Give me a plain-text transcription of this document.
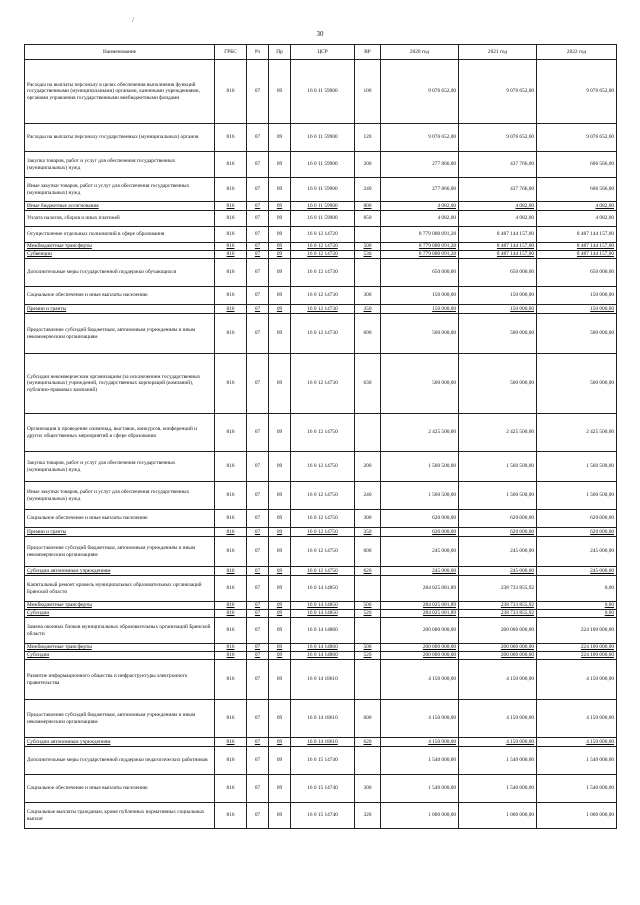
/
30
Наименование	ГРБС	Рз	Пр	ЦСР	ВР	2020 год	2021 год	2022 год
Расходы на выплаты персоналу в целях обеспечения выполнения функций государственными (муниципальными) органами, казенными учреждениями, органами управления государственными внебюджетными фондами	816	07	09	16 0 11 59900	100	9 076 652,00	9 076 652,00	9 076 652,00
Расходы на выплаты персоналу государственных (муниципальных) органов	816	07	09	16 0 11 59900	120	9 076 652,00	9 076 652,00	9 076 652,00
Закупка товаров, работ и услуг для обеспечения государственных (муниципальных) нужд	816	07	09	16 0 11 59900	200	277 866,00	437 766,00	606 566,00
Иные закупки товаров, работ и услуг для обеспечения государственных (муниципальных) нужд	816	07	09	16 0 11 59900	240	277 866,00	437 766,00	606 566,00
Иные бюджетные ассигнования	816	07	09	16 0 11 59900	800	4 082,00	4 082,00	4 082,00
Уплата налогов, сборов и иных платежей	816	07	09	16 0 11 59900	850	4 082,00	4 082,00	4 082,00
Осуществление отдельных полномочий в сфере образования	816	07	09	16 0 12 14720		8 779 080 091,28	8 487 144 157,00	8 487 144 157,00
Межбюджетные трансферты	816	07	09	16 0 12 14720	500	8 779 080 091,28	8 487 144 157,00	8 487 144 157,00
Субвенции	816	07	09	16 0 12 14720	530	8 779 080 091,28	8 487 144 157,00	8 487 144 157,00
Дополнительные меры государственной поддержки обучающихся	816	07	09	16 0 12 14730		650 000,00	650 000,00	650 000,00
Социальное обеспечение и иные выплаты населению	816	07	09	16 0 12 14730	300	150 000,00	150 000,00	150 000,00
Премии и гранты	816	07	09	16 0 12 14730	350	150 000,00	150 000,00	150 000,00
Предоставление субсидий бюджетным, автономным учреждениям и иным некоммерческим организациям	816	07	09	16 0 12 14730	600	500 000,00	500 000,00	500 000,00
Субсидии некоммерческим организациям (за исключением государственных (муниципальных) учреждений, государственных корпораций (компаний), публично-правовых компаний)	816	07	09	16 0 12 14730	630	500 000,00	500 000,00	500 000,00
Организация и проведение олимпиад, выставок, конкурсов, конференций и других общественных мероприятий в сфере образования	816	07	09	16 0 12 14750		2 425 500,00	2 425 500,00	2 425 500,00
Закупка товаров, работ и услуг для обеспечения государственных (муниципальных) нужд	816	07	09	16 0 12 14750	200	1 560 500,00	1 560 500,00	1 560 500,00
Иные закупки товаров, работ и услуг для обеспечения государственных (муниципальных) нужд	816	07	09	16 0 12 14750	240	1 560 500,00	1 560 500,00	1 560 500,00
Социальное обеспечение и иные выплаты населению	816	07	09	16 0 12 14750	300	620 000,00	620 000,00	620 000,00
Премии и гранты	816	07	09	16 0 12 14750	350	620 000,00	620 000,00	620 000,00
Предоставление субсидий бюджетным, автономным учреждениям и иным некоммерческим организациям	816	07	09	16 0 12 14750	600	245 000,00	245 000,00	245 000,00
Субсидии автономным учреждениям	816	07	09	16 0 12 14750	620	245 000,00	245 000,00	245 000,00
Капитальный ремонт кровель муниципальных образовательных организаций Брянской области	816	07	09	16 0 14 14850		284 025 081,89	238 733 855,92	0,00
Межбюджетные трансферты	816	07	09	16 0 14 14850	500	284 025 081,89	238 733 855,92	0,00
Субсидии	816	07	09	16 0 14 14850	520	284 025 081,89	238 733 855,92	0,00
Замена оконных блоков муниципальных образовательных организаций Брянской области	816	07	09	16 0 14 14860		200 000 000,00	200 000 000,00	224 100 000,00
Межбюджетные трансферты	816	07	09	16 0 14 14860	500	200 000 000,00	200 000 000,00	224 100 000,00
Субсидии	816	07	09	16 0 14 14860	520	200 000 000,00	200 000 000,00	224 100 000,00
Развитие информационного общества и инфраструктуры электронного правительства	816	07	09	16 0 14 18610		4 150 000,00	4 150 000,00	4 150 000,00
Предоставление субсидий бюджетным, автономным учреждениям и иным некоммерческим организациям	816	07	09	16 0 14 18610	600	4 150 000,00	4 150 000,00	4 150 000,00
Субсидии автономным учреждениям	816	07	09	16 0 14 18610	620	4 150 000,00	4 150 000,00	4 150 000,00
Дополнительные меры государственной поддержки педагогических работников	816	07	09	16 0 15 14740		1 540 000,00	1 540 000,00	1 540 000,00
Социальное обеспечение и иные выплаты населению	816	07	09	16 0 15 14740	300	1 540 000,00	1 540 000,00	1 540 000,00
Социальные выплаты гражданам, кроме публичных нормативных социальных выплат	816	07	09	16 0 15 14740	320	1 000 000,00	1 000 000,00	1 000 000,00
